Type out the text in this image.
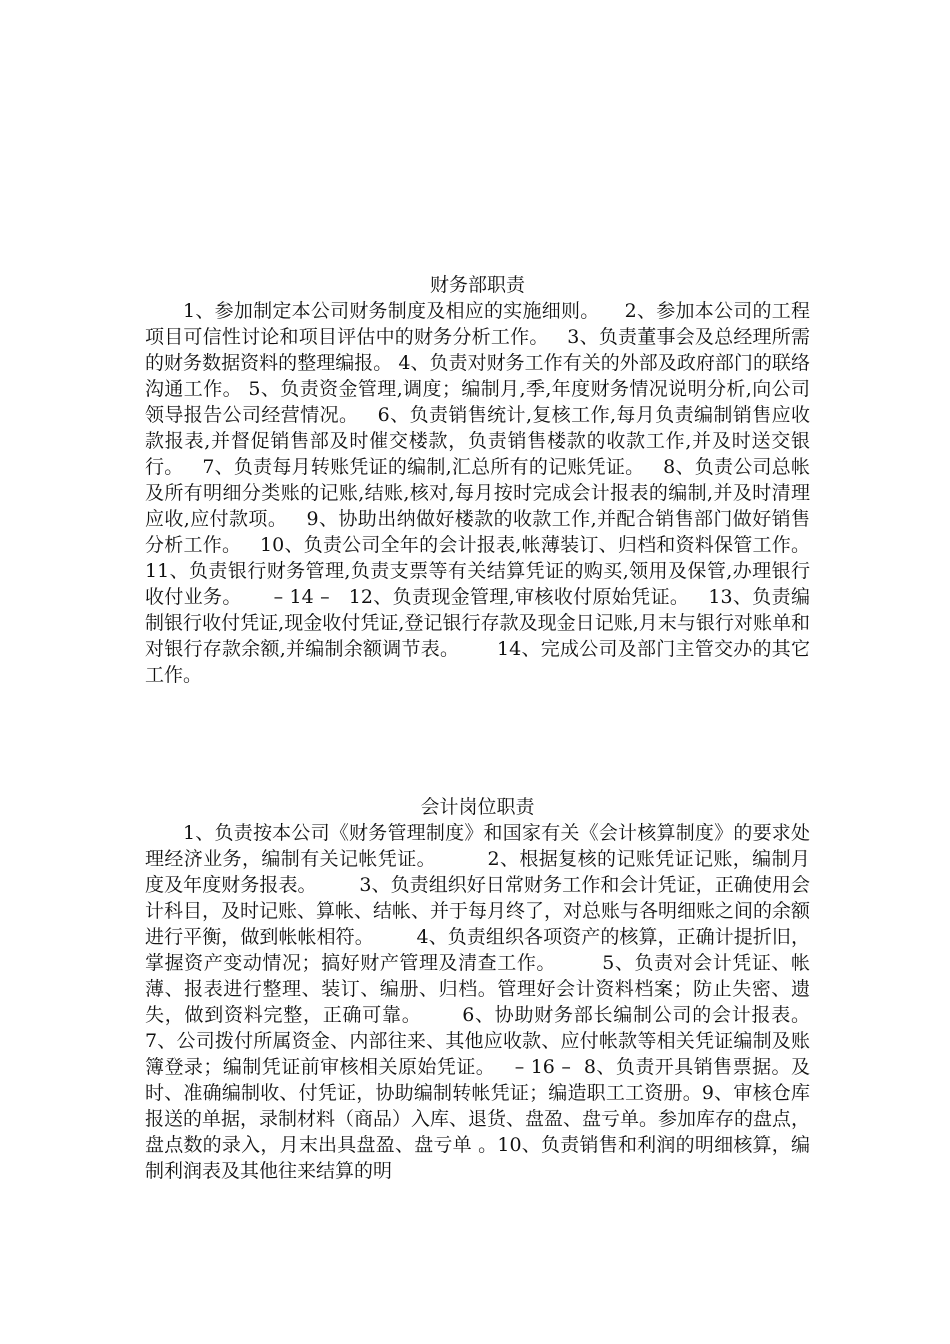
财务部职责

1、参加制定本公司财务制度及相应的实施细则。    2、参加本公司的工程项目可信性讨论和项目评估中的财务分析工作。   3、负责董事会及总经理所需的财务数据资料的整理编报。 4、负责对财务工作有关的外部及政府部门的联络沟通工作。 5、负责资金管理,调度；编制月,季,年度财务情况说明分析,向公司领导报告公司经营情况。   6、负责销售统计,复核工作,每月负责编制销售应收款报表,并督促销售部及时催交楼款，负责销售楼款的收款工作,并及时送交银行。   7、负责每月转账凭证的编制,汇总所有的记账凭证。   8、负责公司总帐及所有明细分类账的记账,结账,核对,每月按时完成会计报表的编制,并及时清理应收,应付款项。   9、协助出纳做好楼款的收款工作,并配合销售部门做好销售分析工作。   10、负责公司全年的会计报表,帐薄装订、归档和资料保管工作。11、负责银行财务管理,负责支票等有关结算凭证的购买,领用及保管,办理银行收付业务。     – 14 –   12、负责现金管理,审核收付原始凭证。   13、负责编制银行收付凭证,现金收付凭证,登记银行存款及现金日记账,月末与银行对账单和对银行存款余额,并编制余额调节表。      14、完成公司及部门主管交办的其它工作。

会计岗位职责

1、负责按本公司《财务管理制度》和国家有关《会计核算制度》的要求处理经济业务，编制有关记帐凭证。        2、根据复核的记账凭证记账，编制月度及年度财务报表。       3、负责组织好日常财务工作和会计凭证，正确使用会计科目，及时记账、算帐、结帐、并于每月终了，对总账与各明细账之间的余额进行平衡，做到帐帐相符。       4、负责组织各项资产的核算，正确计提折旧，掌握资产变动情况；搞好财产管理及清查工作。       5、负责对会计凭证、帐薄、报表进行整理、装订、编册、归档。管理好会计资料档案；防止失密、遗失，做到资料完整，正确可靠。      6、协助财务部长编制公司的会计报表。       7、公司拨付所属资金、内部往来、其他应收款、应付帐款等相关凭证编制及账簿登录；编制凭证前审核相关原始凭证。   – 16 –  8、负责开具销售票据。及时、准确编制收、付凭证，协助编制转帐凭证；编造职工工资册。9、审核仓库报送的单据，录制材料（商品）入库、退货、盘盈、盘亏单。参加库存的盘点，盘点数的录入，月末出具盘盈、盘亏单 。10、负责销售和利润的明细核算，编制利润表及其他往来结算的明
